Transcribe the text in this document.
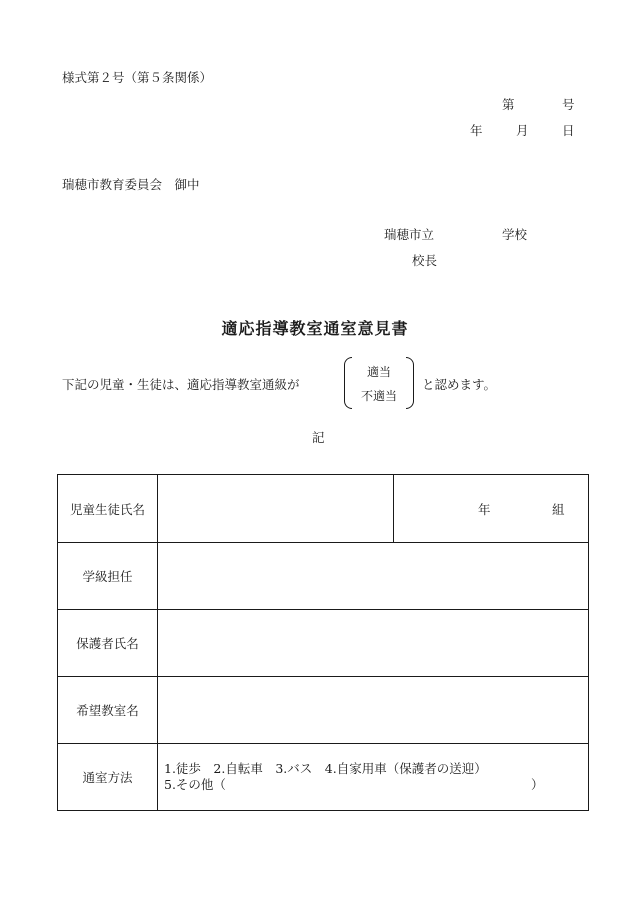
様式第２号（第５条関係）
第	号
年	月	日
瑞穂市教育委員会　御中
瑞穂市立	学校
校長
適応指導教室通室意見書
下記の児童・生徒は、適応指導教室通級が
適当
不適当
と認めます。
記
児童生徒氏名		年 組

学級担任		
保護者氏名		
希望教室名		
通室方法	1.徒歩　2.自転車　3.バス　4.自家用車（保護者の送迎）
5.その他（ ）	
